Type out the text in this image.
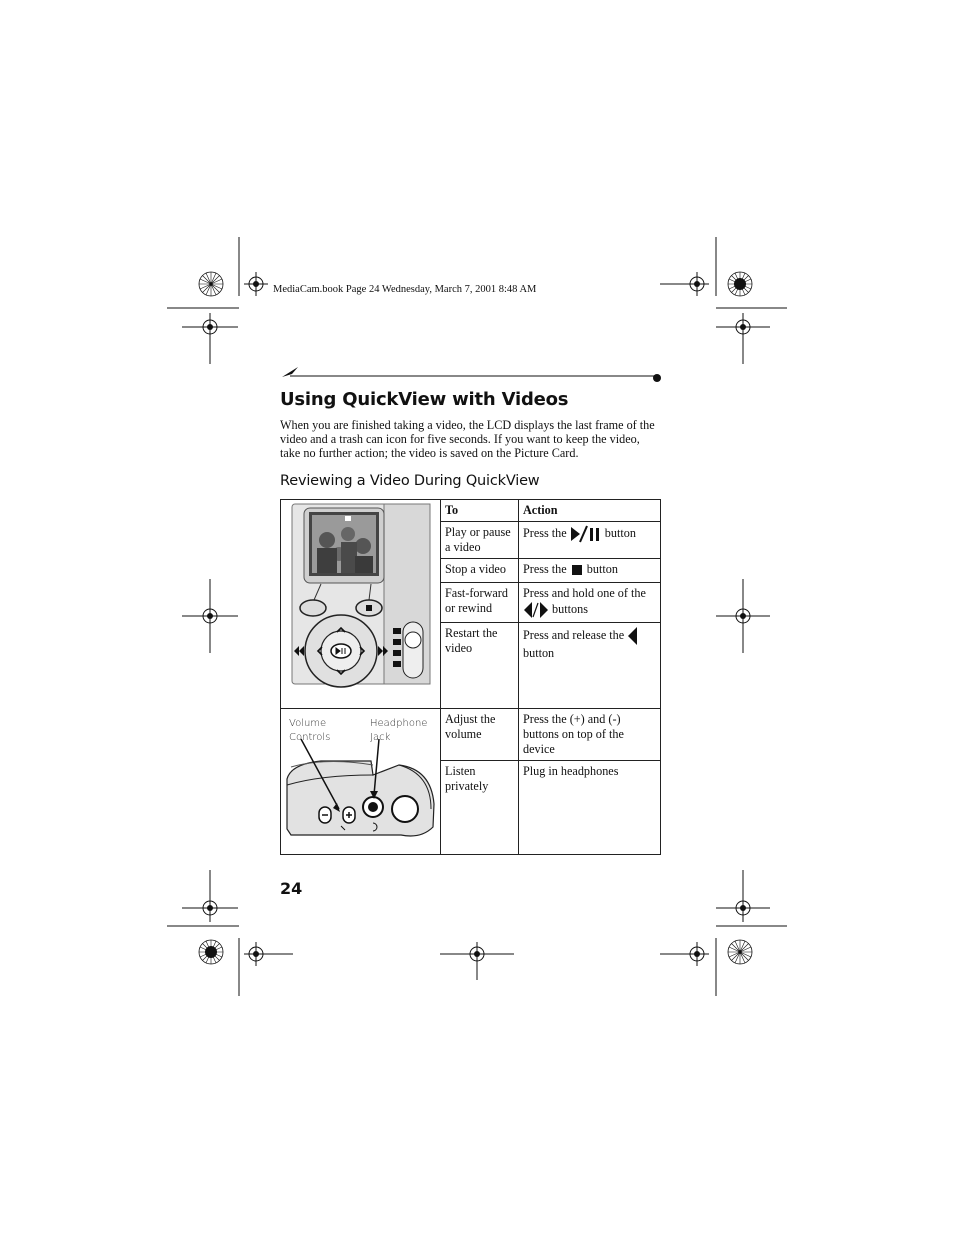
MediaCam.book Page 24 Wednesday, March 7, 2001 8:48 AM
Using QuickView with Videos

When you are finished taking a video, the LCD displays the last frame of the video and a trash can icon for five seconds. If you want to keep the video, take no further action; the video is saved on the Picture Card.

Reviewing a Video During QuickView
	To	Action
	Play or pause a video	Press the button
	Stop a video	Press the button
	Fast-forward or rewind	Press and hold one of the  buttons
	Restart the video	Press and release the  button

Volume
Controls
Headphone
Jack	Adjust the volume	Press the (+) and (-) buttons on top of the device
	Listen privately	Plug in headphones
24
